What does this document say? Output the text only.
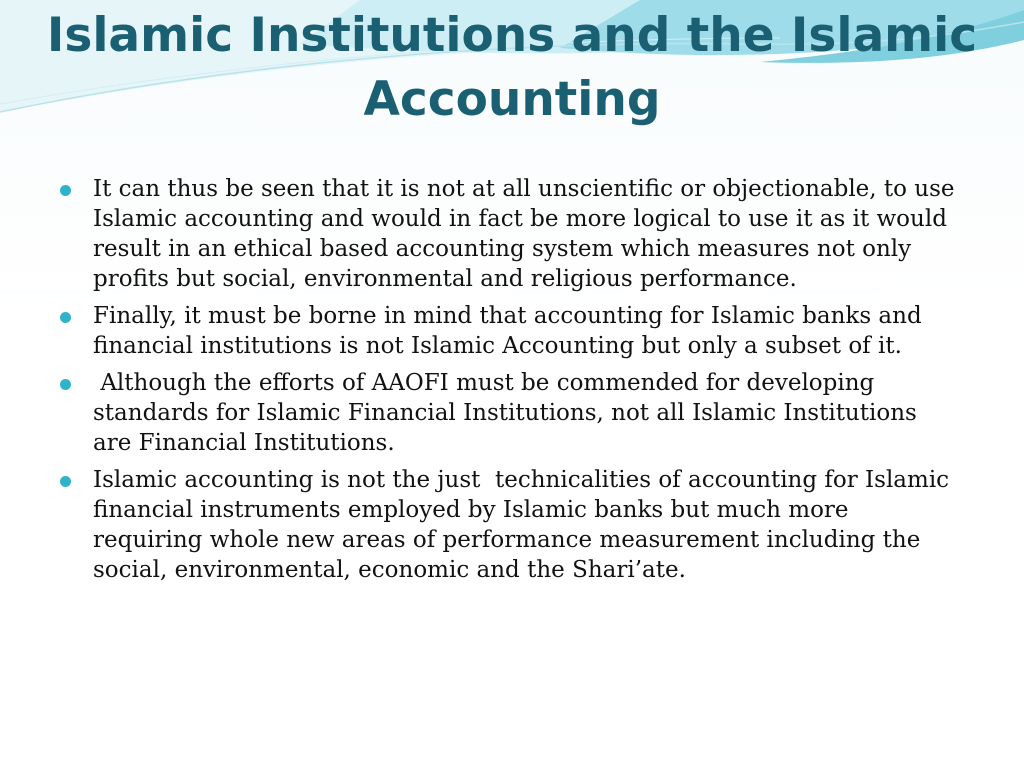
Islamic Institutions and the Islamic Accounting
It can thus be seen that it is not at all unscientific or objectionable, to use Islamic accounting and would in fact be more logical to use it as it would result in an ethical based accounting system which measures not only profits but social, environmental and religious performance.
Finally, it must be borne in mind that accounting for Islamic banks and financial institutions is not Islamic Accounting but only a subset of it.
Although the efforts of AAOFI must be commended for developing standards for Islamic Financial Institutions, not all Islamic Institutions are Financial Institutions.
Islamic accounting is not the just  technicalities of accounting for Islamic financial instruments employed by Islamic banks but much more requiring whole new areas of performance measurement including the social, environmental, economic and the Shari’ate.
